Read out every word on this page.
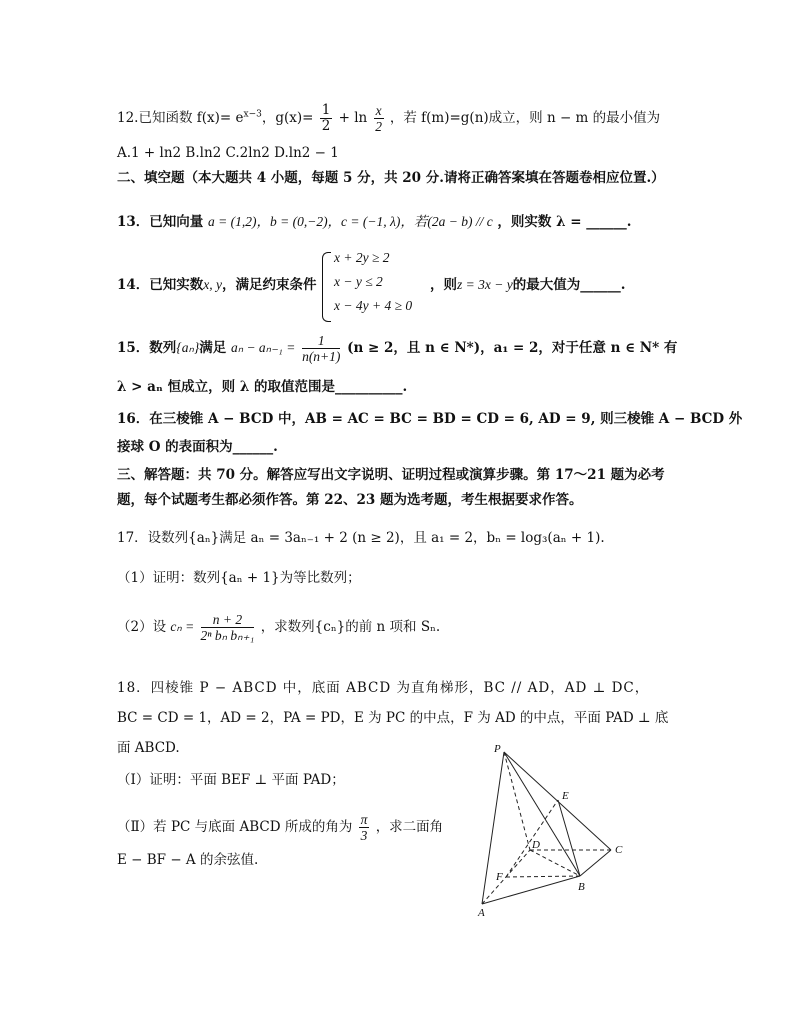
12.已知函数 $f(x)= e^{x-3}$，$g(x)= \frac{1}{2} + \ln \frac{x}{2}$ ，若 f(m)=g(n)成立，则 n − m 的最小值为
A.1 + ln2 B.ln2 C.2ln2 D.ln2 − 1
二、填空题（本大题共 4 小题，每题 5 分，共 20 分.请将正确答案填在答题卷相应位置.）
13．已知向量 a = (1,2)，b = (0,−2)，c = (−1, λ)，若(2a − b) // c ，则实数 λ = ______.
14．已知实数x, y，满足约束条件
x + 2y ≥ 2
x − y ≤ 2
x − 4y + 4 ≥ 0
，则z = 3x − y的最大值为______.
15．数列{aₙ}满足 $a_n - a_{n-1} = \frac{1}{n(n+1)} (n \ge 2$，且 n ∈ N*)，a₁ = 2，对于任意 n ∈ N* 有
λ > aₙ 恒成立，则 λ 的取值范围是__________.
16．在三棱锥 A − BCD 中，AB = AC = BC = BD = CD = 6, AD = 9, 则三棱锥 A − BCD 外
接球 O 的表面积为______.
三、解答题：共 70 分。解答应写出文字说明、证明过程或演算步骤。第 17～21 题为必考
题，每个试题考生都必须作答。第 22、23 题为选考题，考生根据要求作答。
17．设数列{aₙ}满足 aₙ = 3aₙ₋₁ + 2 (n ≥ 2)，且 a₁ = 2，bₙ = log₃(aₙ + 1).
（1）证明：数列{aₙ + 1}为等比数列；
（2）设 $c_n = \frac{n + 2}{\text{2ⁿ bₙ bₙ₊₁}}$ ，求数列{cₙ}的前 n 项和 Sₙ.
18．四棱锥 P − ABCD 中，底面 ABCD 为直角梯形，BC // AD，AD ⊥ DC，
BC = CD = 1，AD = 2，PA = PD，E 为 PC 的中点，F 为 AD 的中点，平面 PAD ⊥ 底
面 ABCD.
（Ⅰ）证明：平面 BEF ⊥ 平面 PAD；
（Ⅱ）若 PC 与底面 ABCD 所成的角为 $\frac{\pi}{3}$ ，求二面角
E − BF − A 的余弦值.
P
E
D	C
F
B
A
